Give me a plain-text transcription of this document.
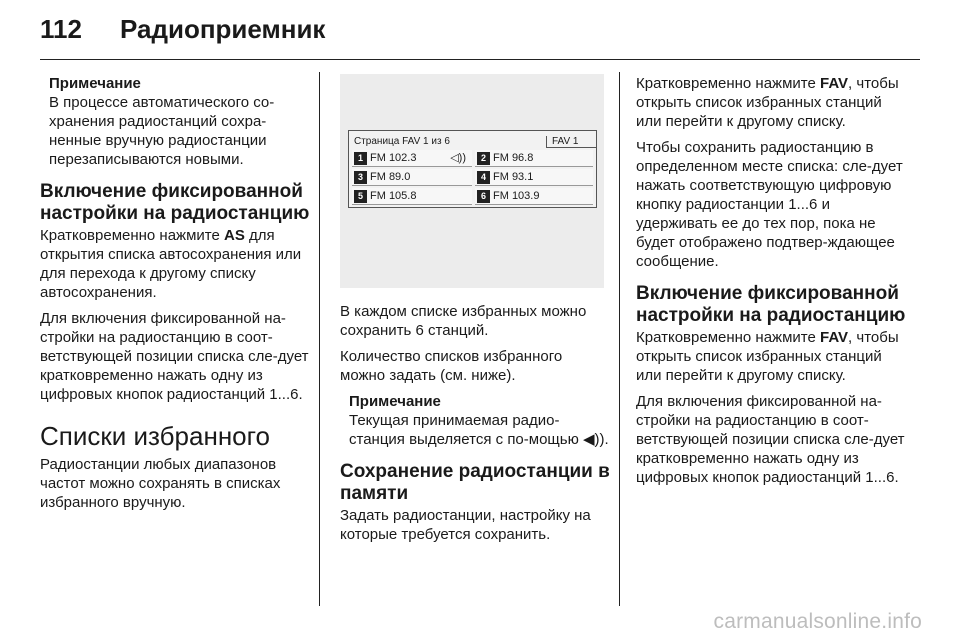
112 Радиоприемник
Примечание
В процессе автоматического со-хранения радиостанций сохра-ненные вручную радиостанции перезаписываются новыми.
Включение фиксированной настройки на радиостанцию

Кратковременно нажмите AS для открытия списка автосохранения или для перехода к другому списку автосохранения.

Для включения фиксированной на-стройки на радиостанцию в соот-ветствующей позиции списка сле-дует кратковременно нажать одну из цифровых кнопок радиостанций 1...6.

Списки избранного

Радиостанции любых диапазонов частот можно сохранять в списках избранного вручную.

Страница FAV 1 из 6	FAV 1
1 FM 102.3	◁))	2 FM 96.8
3 FM 89.0	4 FM 93.1
5 FM 105.8	6 FM 103.9

В каждом списке избранных можно сохранить 6 станций.

Количество списков избранного можно задать (см. ниже).

Примечание
Текущая принимаемая радио-станция выделяется с по-мощью ◀︎)).
Сохранение радиостанции в памяти

Задать радиостанции, настройку на которые требуется сохранить.

Кратковременно нажмите FAV, чтобы открыть список избранных станций или перейти к другому списку.

Чтобы сохранить радиостанцию в определенном месте списка: сле-дует нажать соответствующую цифровую кнопку радиостанции 1...6 и удерживать ее до тех пор, пока не будет отображено подтвер-ждающее сообщение.

Включение фиксированной настройки на радиостанцию

Кратковременно нажмите FAV, чтобы открыть список избранных станций или перейти к другому списку.

Для включения фиксированной на-стройки на радиостанцию в соот-ветствующей позиции списка сле-дует кратковременно нажать одну из цифровых кнопок радиостанций 1...6.

carmanualsonline.info
